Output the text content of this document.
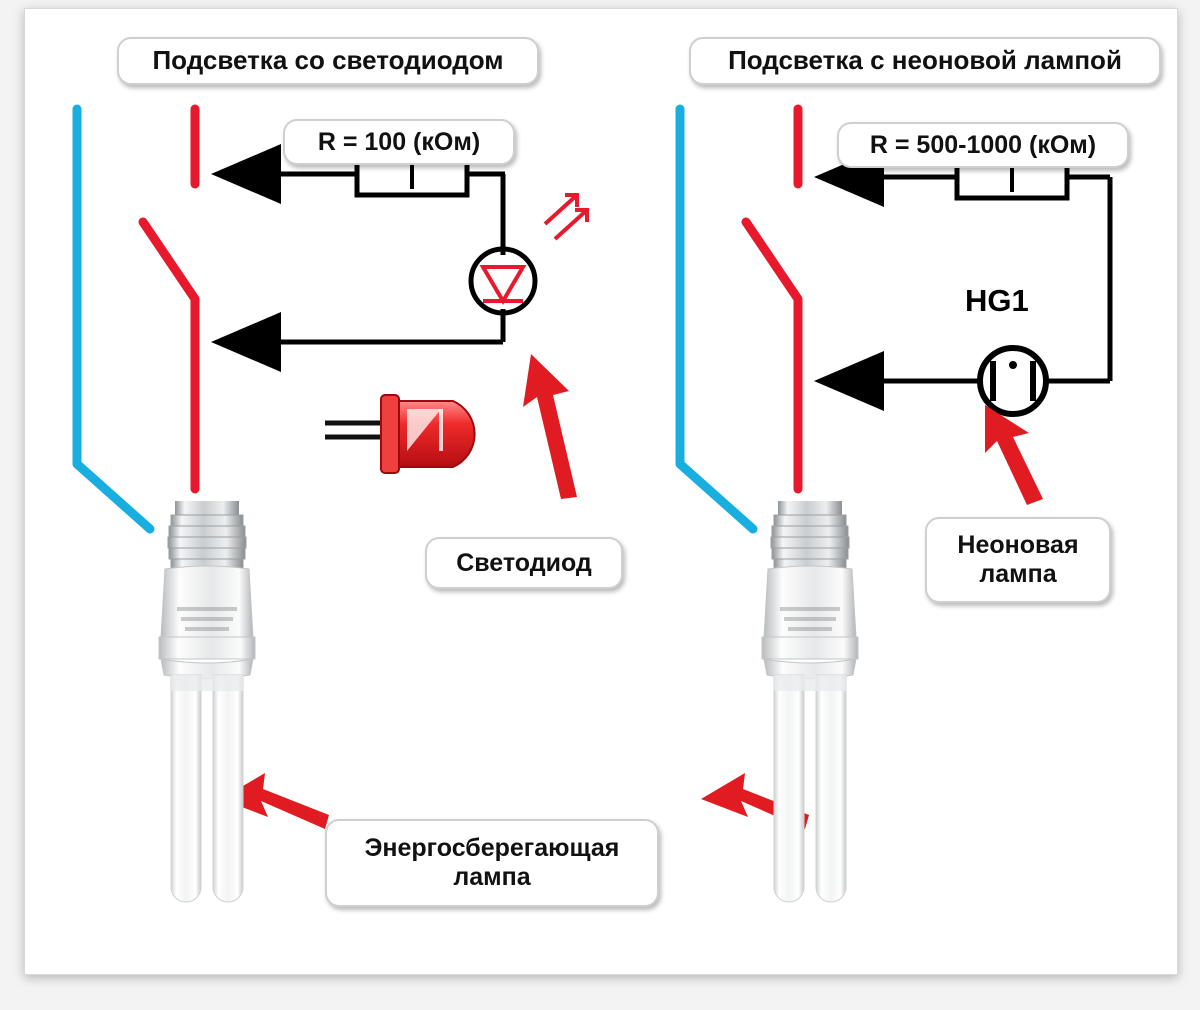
Подсветка со светодиодом	Подсветка с неоновой лампой
R = 100 (кОм)	R = 500-1000 (кОм)
HG1
Светодиод
Неоновая
лампа
Энергосберегающая
лампа
